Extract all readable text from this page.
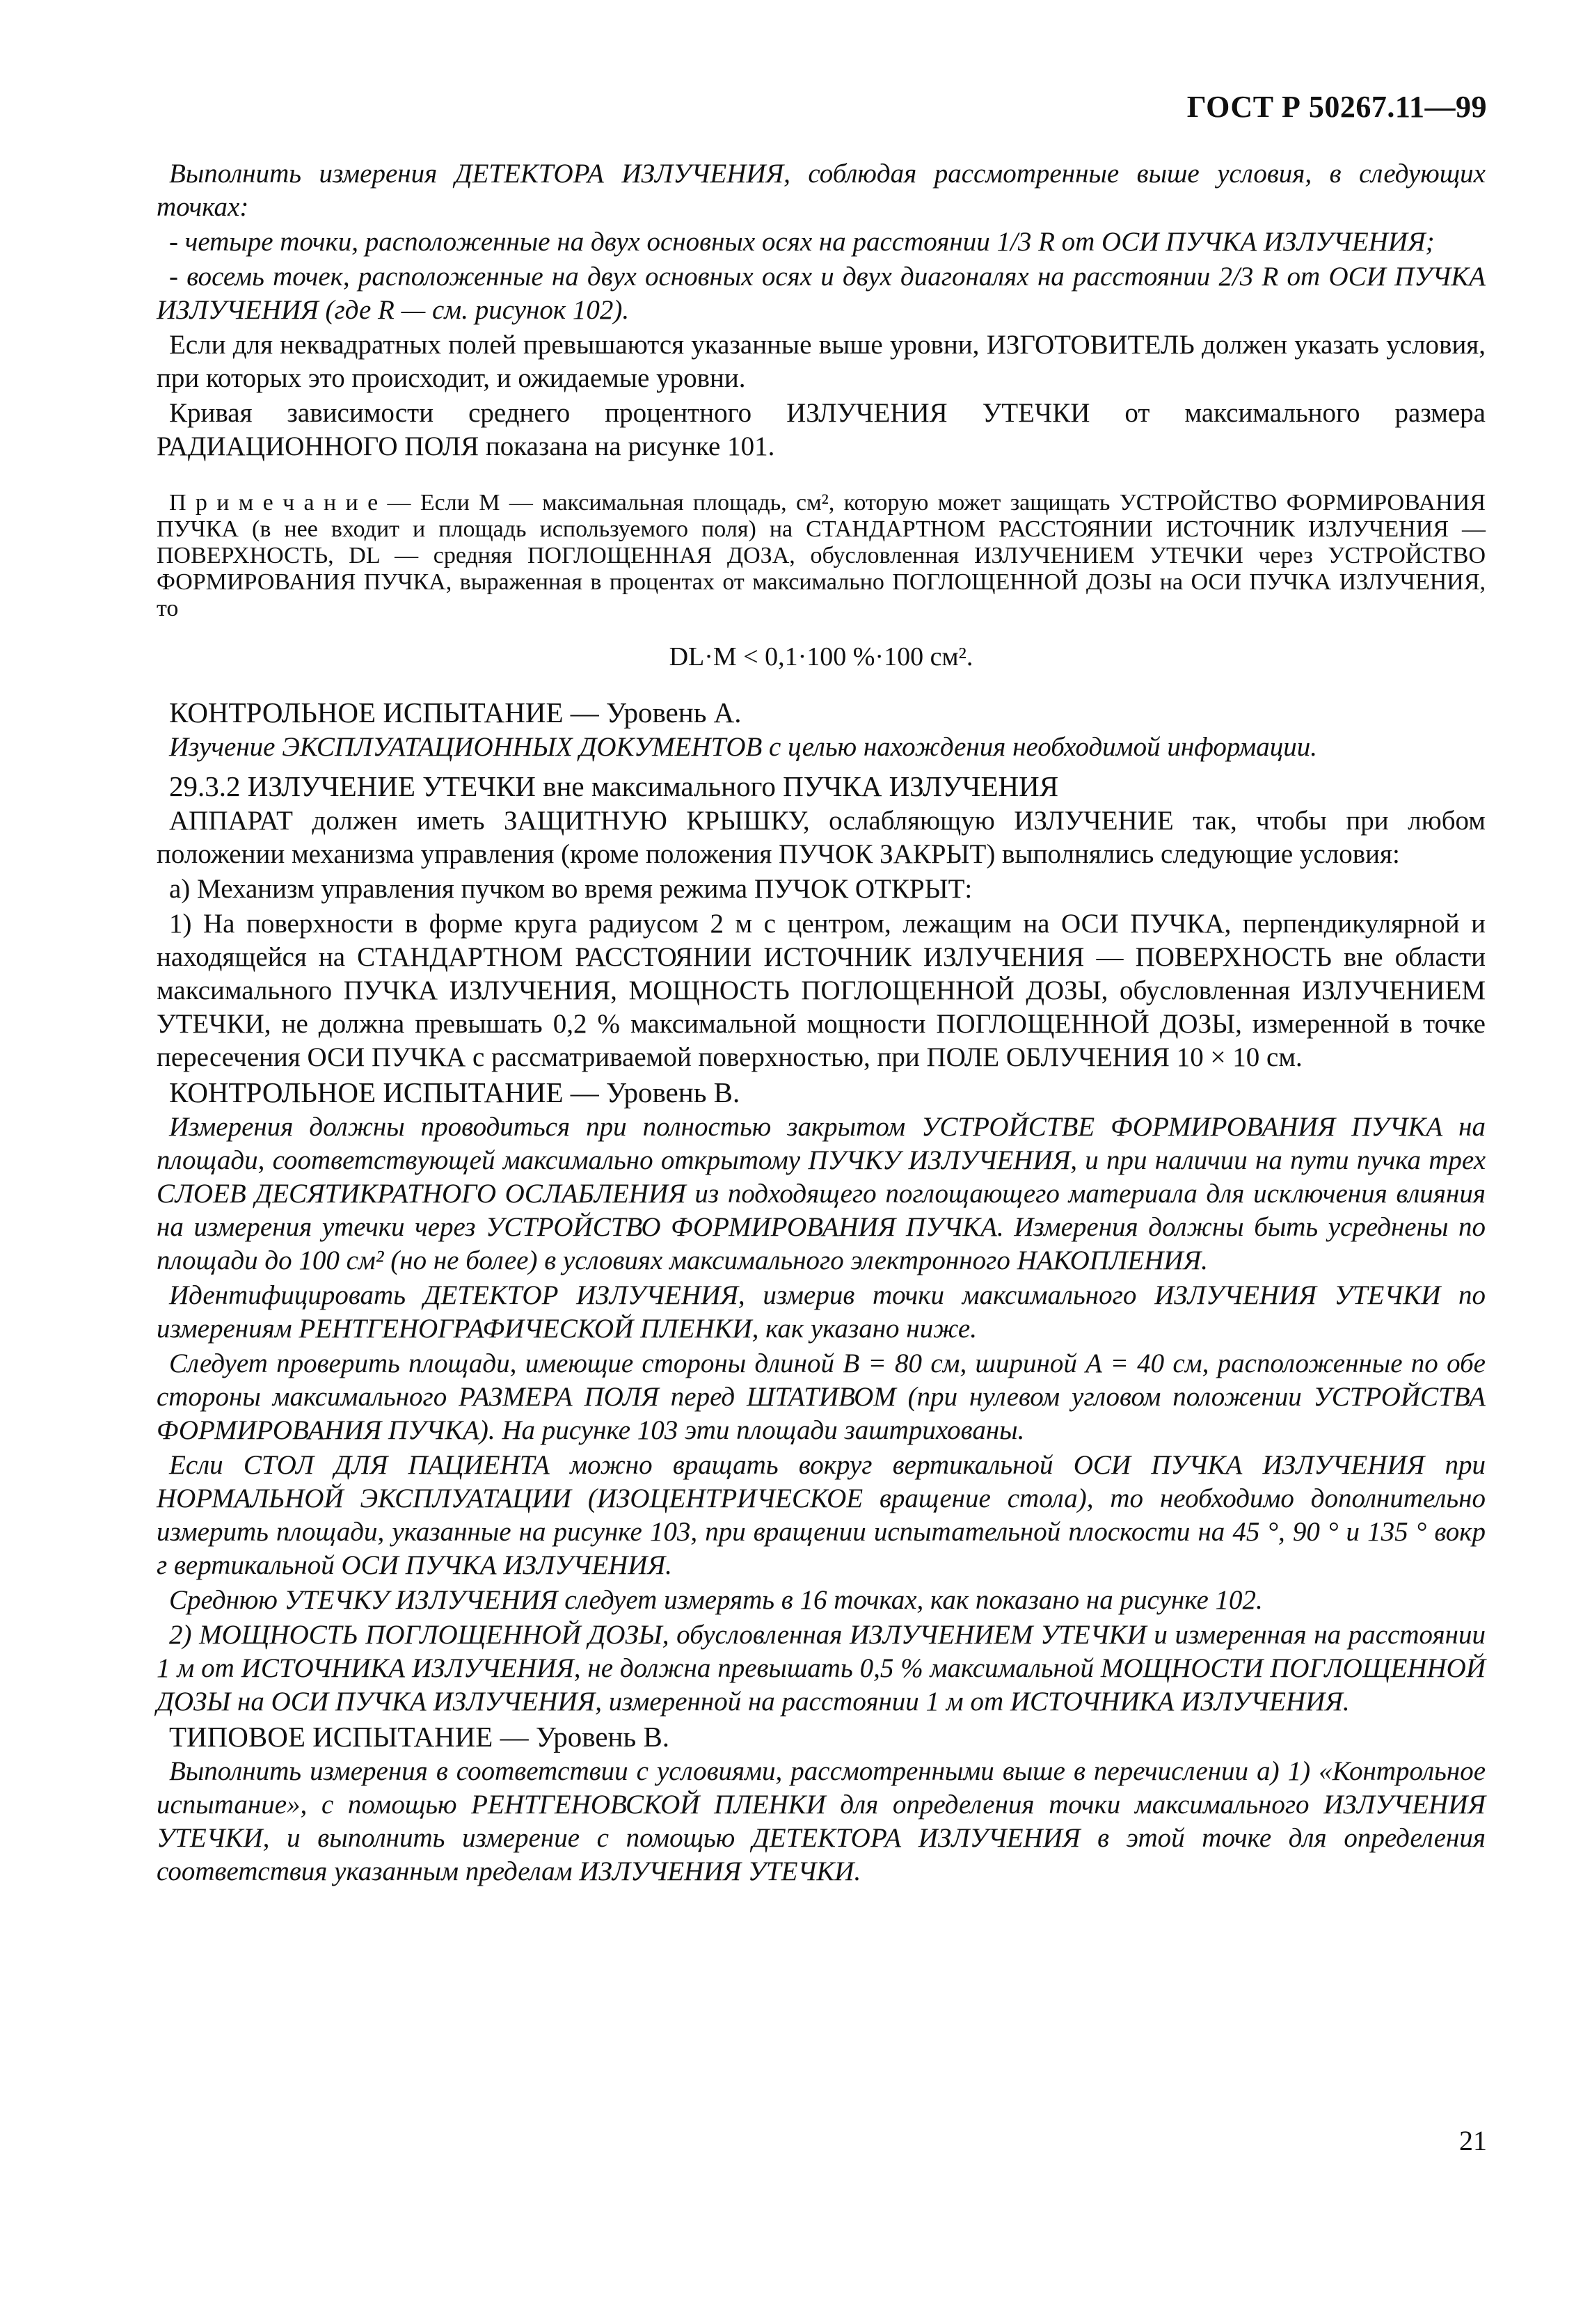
ГОСТ Р 50267.11—99

Выполнить измерения ДЕТЕКТОРА ИЗЛУЧЕНИЯ, соблюдая рассмотренные выше условия, в следующих точках:

- четыре точки, расположенные на двух основных осях на расстоянии 1/3 R от ОСИ ПУЧКА ИЗЛУЧЕНИЯ;

- восемь точек, расположенные на двух основных осях и двух диагоналях на расстоянии 2/3 R от ОСИ ПУЧКА ИЗЛУЧЕНИЯ (где R — см. рисунок 102).

Если для неквадратных полей превышаются указанные выше уровни, ИЗГОТОВИТЕЛЬ должен указать условия, при которых это происходит, и ожидаемые уровни.

Кривая зависимости среднего процентного ИЗЛУЧЕНИЯ УТЕЧКИ от максимального размера РАДИАЦИОННОГО ПОЛЯ показана на рисунке 101.

П р и м е ч а н и е — Если M — максимальная площадь, см², которую может защищать УСТРОЙСТВО ФОРМИРОВАНИЯ ПУЧКА (в нее входит и площадь используемого поля) на СТАНДАРТНОМ РАССТОЯНИИ ИСТОЧНИК ИЗЛУЧЕНИЯ — ПОВЕРХНОСТЬ, DL — средняя ПОГЛОЩЕННАЯ ДОЗА, обусловленная ИЗЛУЧЕНИЕМ УТЕЧКИ через УСТРОЙСТВО ФОРМИРОВАНИЯ ПУЧКА, выраженная в процентах от максимально ПОГЛОЩЕННОЙ ДОЗЫ на ОСИ ПУЧКА ИЗЛУЧЕНИЯ, то

DL·M < 0,1·100 %·100 см².

КОНТРОЛЬНОЕ ИСПЫТАНИЕ — Уровень А.

Изучение ЭКСПЛУАТАЦИОННЫХ ДОКУМЕНТОВ с целью нахождения необходимой информации.

29.3.2 ИЗЛУЧЕНИЕ УТЕЧКИ вне максимального ПУЧКА ИЗЛУЧЕНИЯ

АППАРАТ должен иметь ЗАЩИТНУЮ КРЫШКУ, ослабляющую ИЗЛУЧЕНИЕ так, чтобы при любом положении механизма управления (кроме положения ПУЧОК ЗАКРЫТ) выполнялись следующие условия:

а) Механизм управления пучком во время режима ПУЧОК ОТКРЫТ:

1) На поверхности в форме круга радиусом 2 м с центром, лежащим на ОСИ ПУЧКА, перпендикулярной и находящейся на СТАНДАРТНОМ РАССТОЯНИИ ИСТОЧНИК ИЗЛУЧЕНИЯ — ПОВЕРХНОСТЬ вне области максимального ПУЧКА ИЗЛУЧЕНИЯ, МОЩНОСТЬ ПОГЛОЩЕННОЙ ДОЗЫ, обусловленная ИЗЛУЧЕНИЕМ УТЕЧКИ, не должна превышать 0,2 % максимальной мощности ПОГЛОЩЕННОЙ ДОЗЫ, измеренной в точке пересечения ОСИ ПУЧКА с рассматриваемой поверхностью, при ПОЛЕ ОБЛУЧЕНИЯ 10 × 10 см.

КОНТРОЛЬНОЕ ИСПЫТАНИЕ — Уровень В.

Измерения должны проводиться при полностью закрытом УСТРОЙСТВЕ ФОРМИРОВАНИЯ ПУЧКА на площади, соответствующей максимально открытому ПУЧКУ ИЗЛУЧЕНИЯ, и при наличии на пути пучка трех СЛОЕВ ДЕСЯТИКРАТНОГО ОСЛАБЛЕНИЯ из подходящего поглощающего материала для исключения влияния на измерения утечки через УСТРОЙСТВО ФОРМИРОВАНИЯ ПУЧКА. Измерения должны быть усреднены по площади до 100 см² (но не более) в условиях максимального электронного НАКОПЛЕНИЯ.

Идентифицировать ДЕТЕКТОР ИЗЛУЧЕНИЯ, измерив точки максимального ИЗЛУЧЕНИЯ УТЕЧКИ по измерениям РЕНТГЕНОГРАФИЧЕСКОЙ ПЛЕНКИ, как указано ниже.

Следует проверить площади, имеющие стороны длиной B = 80 см, шириной A = 40 см, расположенные по обе стороны максимального РАЗМЕРА ПОЛЯ перед ШТАТИВОМ (при нулевом угловом положении УСТРОЙСТВА ФОРМИРОВАНИЯ ПУЧКА). На рисунке 103 эти площади заштрихованы.

Если СТОЛ ДЛЯ ПАЦИЕНТА можно вращать вокруг вертикальной ОСИ ПУЧКА ИЗЛУЧЕНИЯ при НОРМАЛЬНОЙ ЭКСПЛУАТАЦИИ (ИЗОЦЕНТРИЧЕСКОЕ вращение стола), то необходимо дополнительно измерить площади, указанные на рисунке 103, при вращении испытательной плоскости на 45 °, 90 ° и 135 ° вокр г вертикальной ОСИ ПУЧКА ИЗЛУЧЕНИЯ.

Среднюю УТЕЧКУ ИЗЛУЧЕНИЯ следует измерять в 16 точках, как показано на рисунке 102.

2) МОЩНОСТЬ ПОГЛОЩЕННОЙ ДОЗЫ, обусловленная ИЗЛУЧЕНИЕМ УТЕЧКИ и измеренная на расстоянии 1 м от ИСТОЧНИКА ИЗЛУЧЕНИЯ, не должна превышать 0,5 % максимальной МОЩНОСТИ ПОГЛОЩЕННОЙ ДОЗЫ на ОСИ ПУЧКА ИЗЛУЧЕНИЯ, измеренной на расстоянии 1 м от ИСТОЧНИКА ИЗЛУЧЕНИЯ.

ТИПОВОЕ ИСПЫТАНИЕ — Уровень В.

Выполнить измерения в соответствии с условиями, рассмотренными выше в перечислении а) 1) «Контрольное испытание», с помощью РЕНТГЕНОВСКОЙ ПЛЕНКИ для определения точки максимального ИЗЛУЧЕНИЯ УТЕЧКИ, и выполнить измерение с помощью ДЕТЕКТОРА ИЗЛУЧЕНИЯ в этой точке для определения соответствия указанным пределам ИЗЛУЧЕНИЯ УТЕЧКИ.

21
